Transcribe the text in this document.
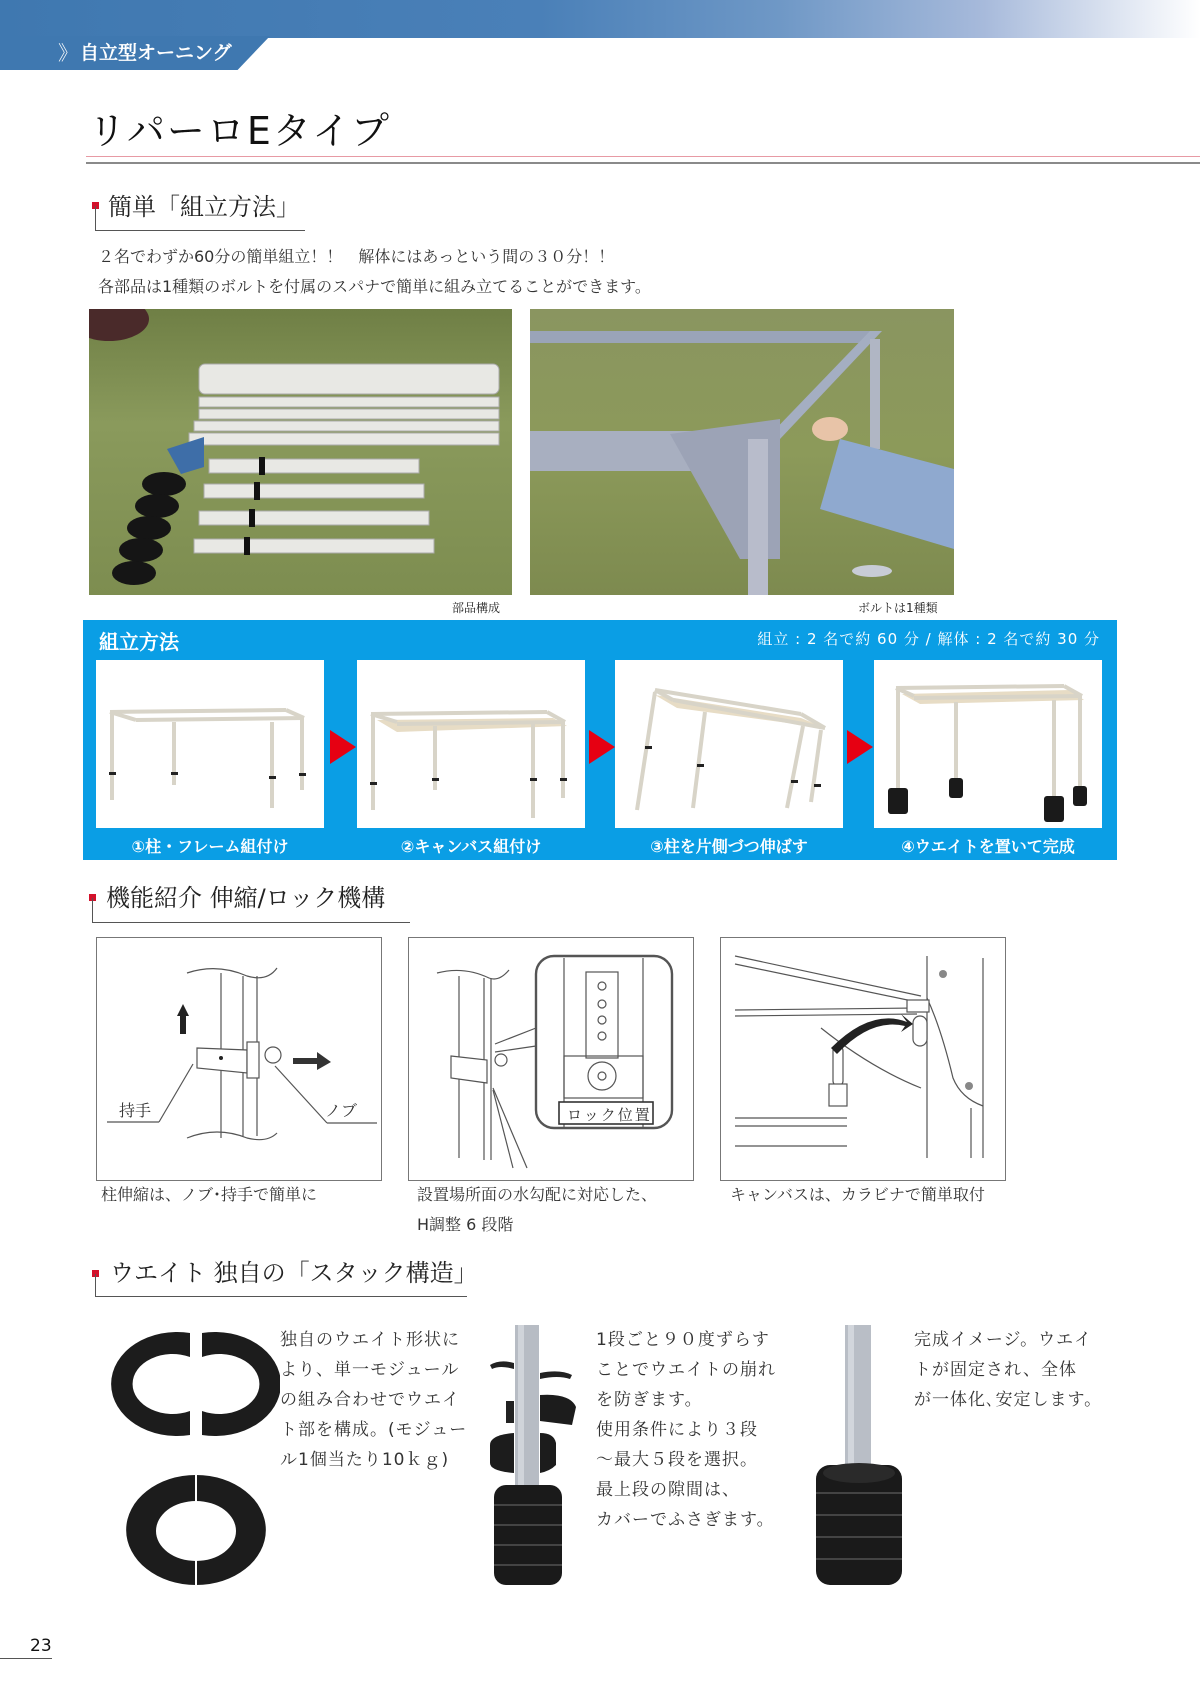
》 自立型オーニング
リパーロEタイプ
簡単「組立方法」
２名でわずか60分の簡単組立！！　解体にはあっという間の３０分！！
各部品は1種類のボルトを付属のスパナで簡単に組み立てることができます。
部品構成	ボルトは1種類
組立方法	組立 : 2 名で約 60 分 / 解体 : 2 名で約 30 分
①柱・フレーム組付け	②キャンバス組付け	③柱を片側づつ伸ばす	④ウエイトを置いて完成
機能紹介 伸縮/ロック機構
持手	ノブ
柱伸縮は、ノブ･持手で簡単に
ロック位置
設置場所面の水勾配に対応した、
H調整 6 段階
キャンバスは、カラビナで簡単取付
ウエイト 独自の「スタック構造」
独自のウエイト形状に
より、単一モジュール
の組み合わせでウエイ
ト部を構成。(モジュー
ル1個当たり10ｋｇ)
1段ごと９０度ずらす
ことでウエイトの崩れ
を防ぎます。
使用条件により３段
～最大５段を選択。
最上段の隙間は、
カバーでふさぎます。
完成イメージ。ウエイ
トが固定され、全体
が一体化､安定します。
23
